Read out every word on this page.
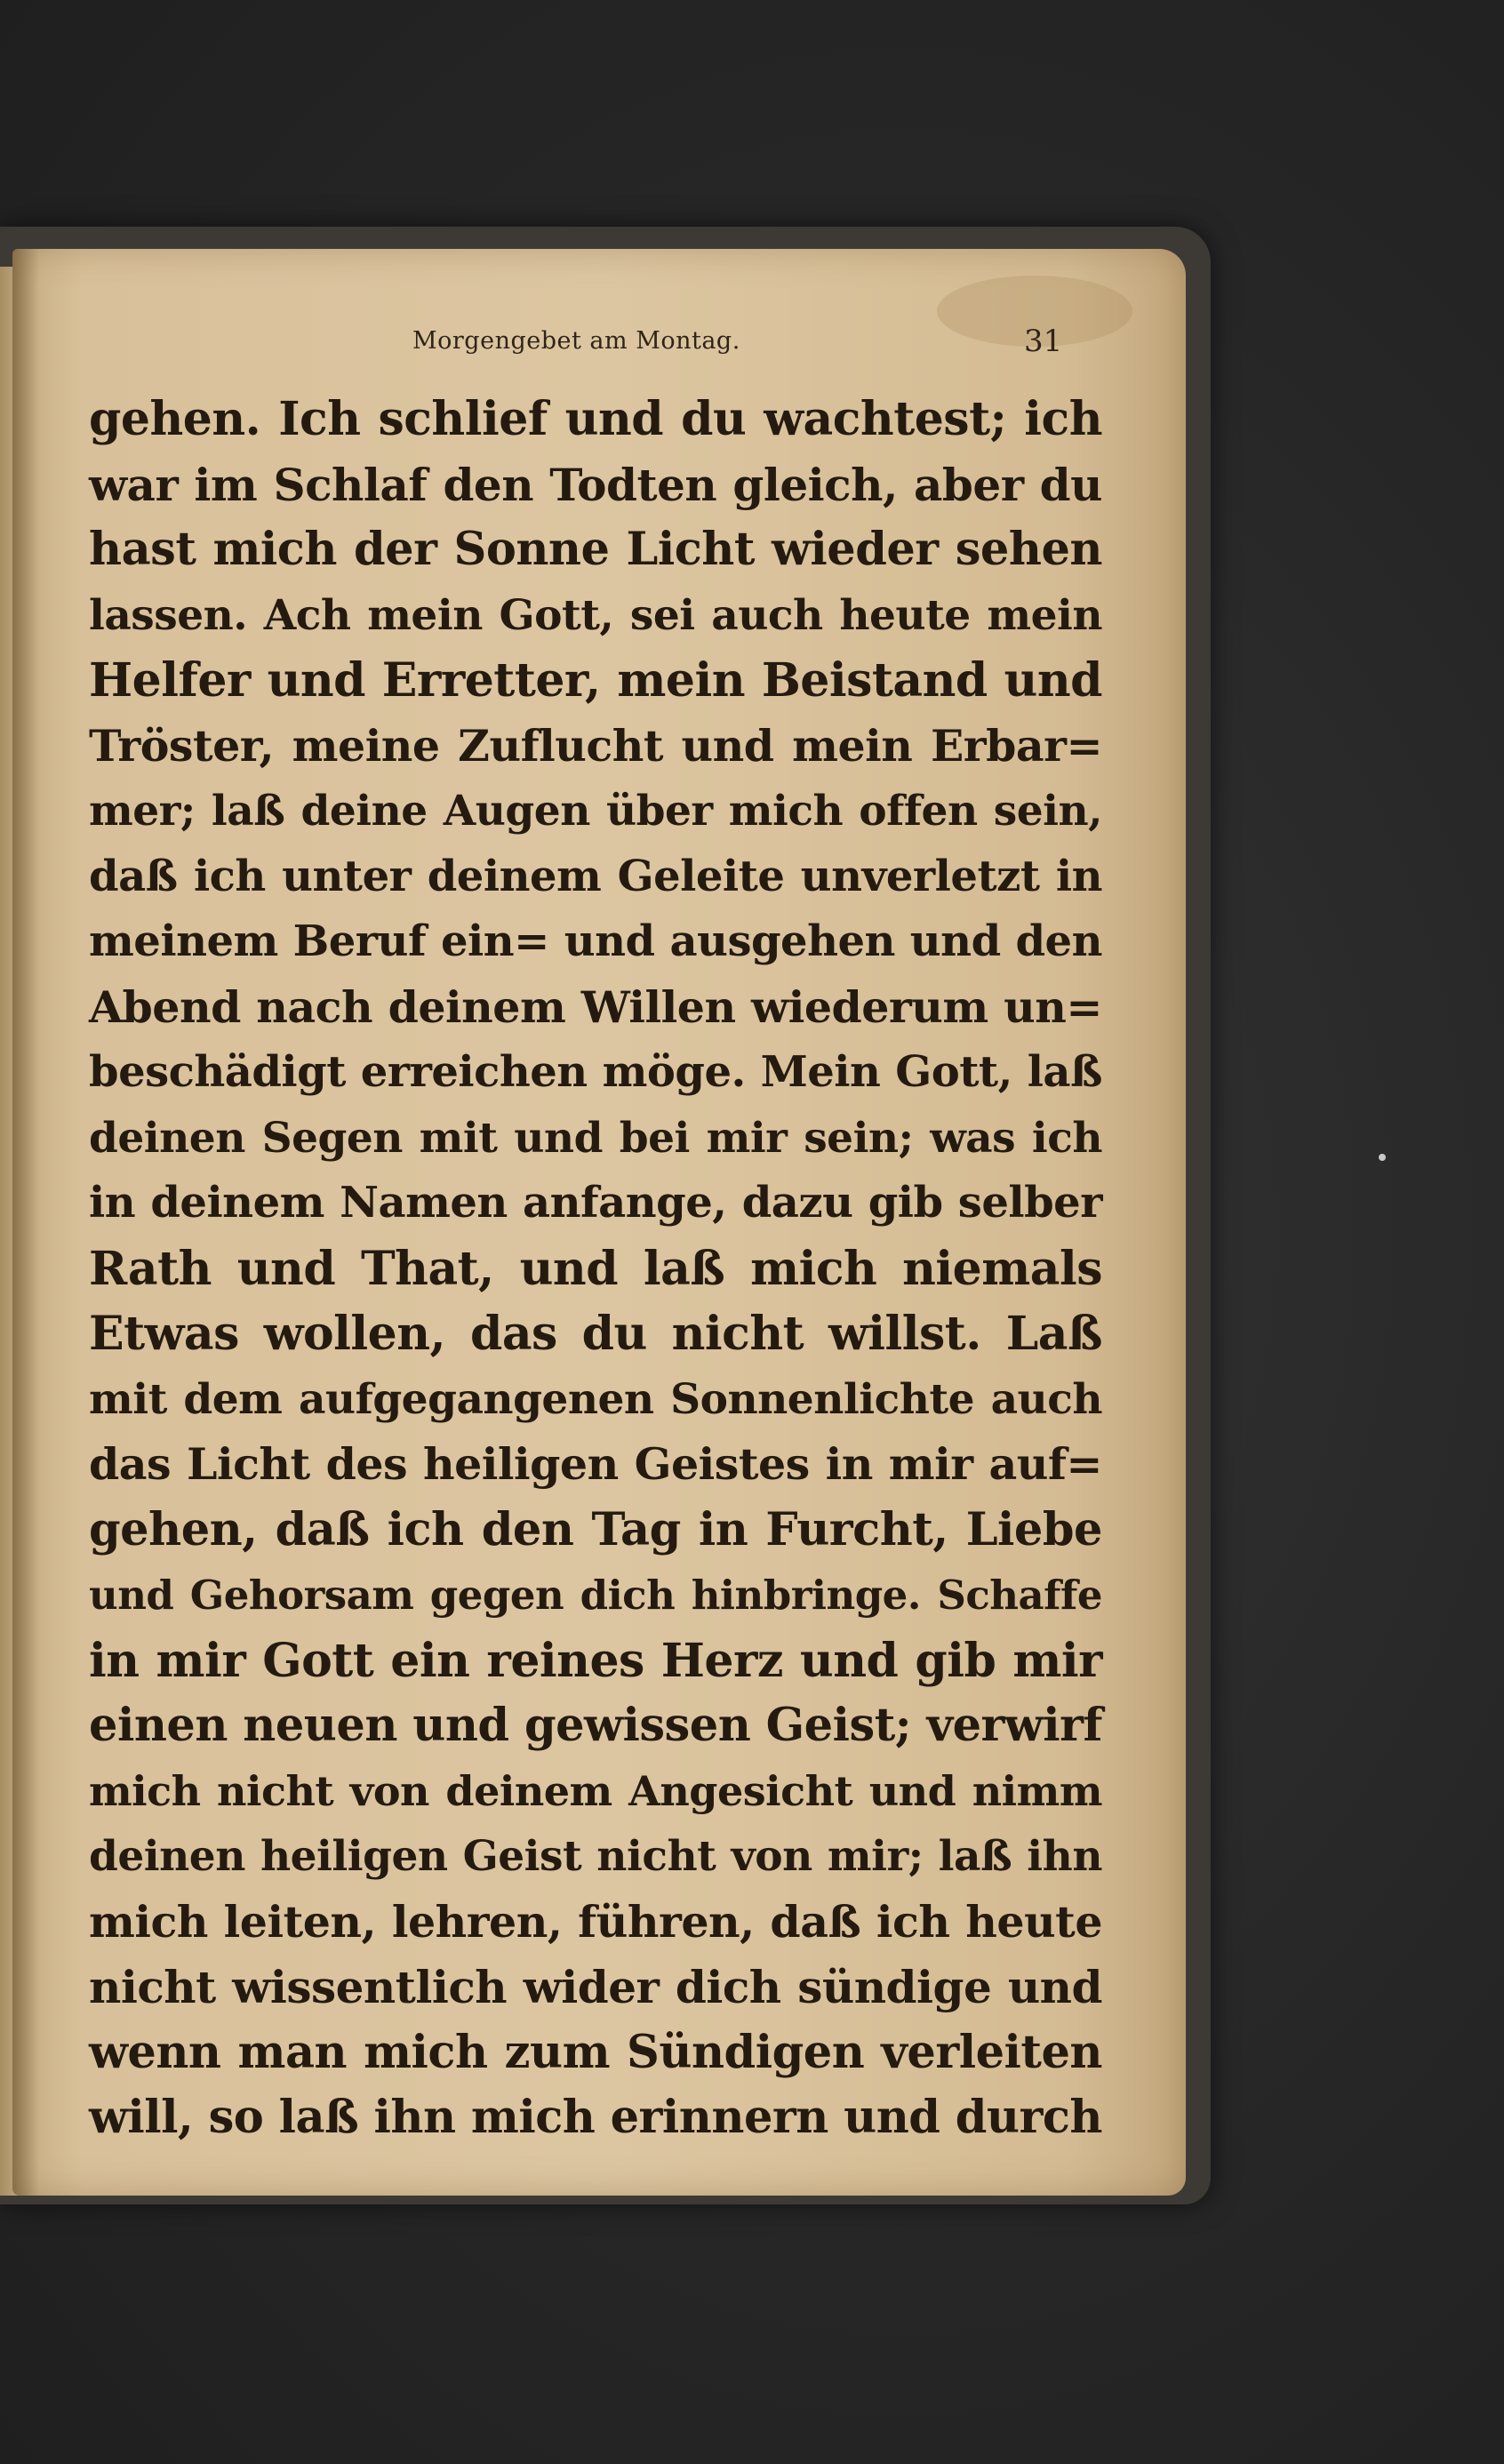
Morgengebet am Montag.	31
gehen. Ich schlief und du wachtest; ich
war im Schlaf den Todten gleich, aber du
hast mich der Sonne Licht wieder sehen
lassen. Ach mein Gott, sei auch heute mein
Helfer und Erretter, mein Beistand und
Tröster, meine Zuflucht und mein Erbar=
mer; laß deine Augen über mich offen sein,
daß ich unter deinem Geleite unverletzt in
meinem Beruf ein= und ausgehen und den
Abend nach deinem Willen wiederum un=
beschädigt erreichen möge. Mein Gott, laß
deinen Segen mit und bei mir sein; was ich
in deinem Namen anfange, dazu gib selber
Rath und That, und laß mich niemals
Etwas wollen, das du nicht willst. Laß
mit dem aufgegangenen Sonnenlichte auch
das Licht des heiligen Geistes in mir auf=
gehen, daß ich den Tag in Furcht, Liebe
und Gehorsam gegen dich hinbringe. Schaffe
in mir Gott ein reines Herz und gib mir
einen neuen und gewissen Geist; verwirf
mich nicht von deinem Angesicht und nimm
deinen heiligen Geist nicht von mir; laß ihn
mich leiten, lehren, führen, daß ich heute
nicht wissentlich wider dich sündige und
wenn man mich zum Sündigen verleiten
will, so laß ihn mich erinnern und durch
